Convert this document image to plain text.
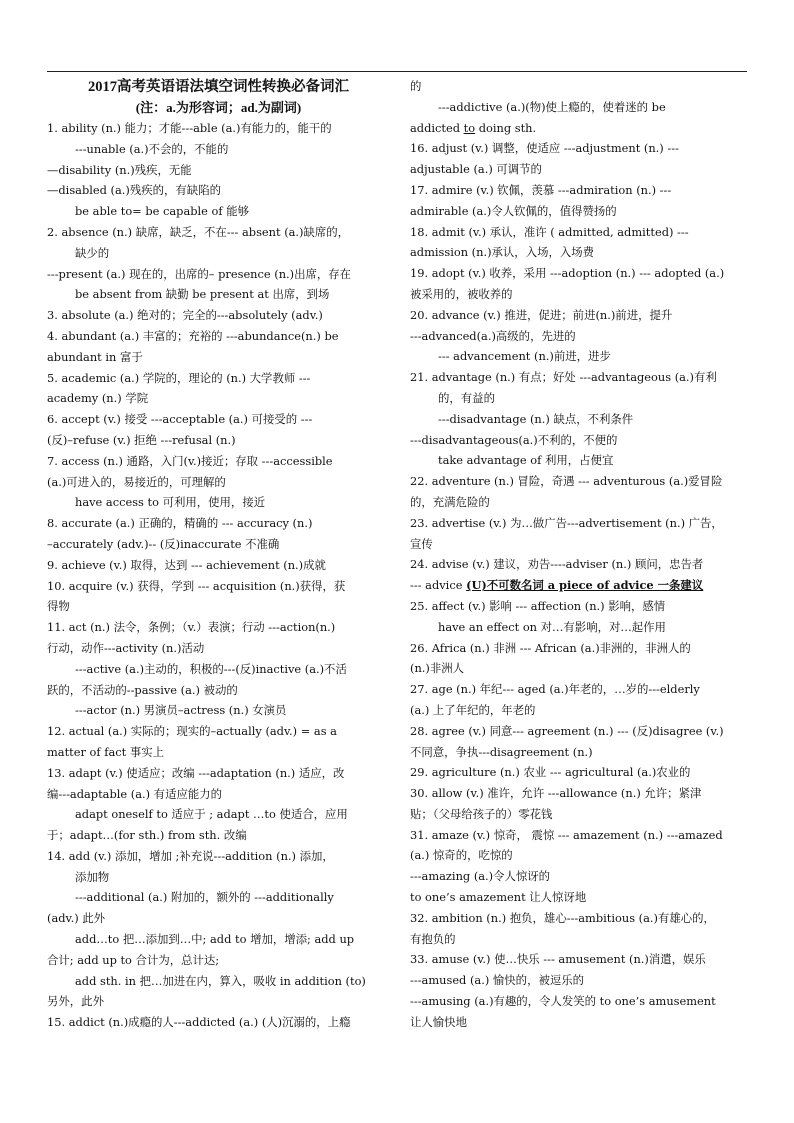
2017高考英语语法填空词性转换必备词汇

(注：a.为形容词；ad.为副词)

1. ability (n.) 能力；才能---able (a.)有能力的，能干的

---unable (a.)不会的，不能的

—disability (n.)残疾，无能

—disabled (a.)残疾的，有缺陷的

be able to= be capable of 能够

2. absence (n.) 缺席，缺乏，不在--- absent (a.)缺席的，

缺少的

---present (a.) 现在的，出席的– presence (n.)出席，存在

be absent from 缺勤 be present at 出席，到场

3. absolute (a.) 绝对的；完全的---absolutely (adv.)

4. abundant (a.) 丰富的；充裕的 ---abundance(n.) be

abundant in 富于

5. academic (a.) 学院的，理论的 (n.) 大学教师 ---

academy (n.) 学院

6. accept (v.) 接受 ---acceptable (a.) 可接受的 ---

(反)–refuse (v.) 拒绝 ---refusal (n.)

7. access (n.) 通路，入门(v.)接近；存取 ---accessible

(a.)可进入的，易接近的，可理解的

have access to 可利用，使用，接近

8. accurate (a.) 正确的，精确的 --- accuracy (n.)

–accurately (adv.)-- (反)inaccurate 不准确

9. achieve (v.) 取得，达到 --- achievement (n.)成就

10. acquire (v.) 获得，学到 --- acquisition (n.)获得，获

得物

11. act (n.) 法令，条例；（v.）表演；行动 ---action(n.)

行动，动作---activity (n.)活动

---active (a.)主动的，积极的---(反)inactive (a.)不活

跃的，不活动的--passive (a.) 被动的

---actor (n.) 男演员–actress (n.) 女演员

12. actual (a.) 实际的；现实的–actually (adv.) = as a

matter of fact 事实上

13. adapt (v.) 使适应；改编 ---adaptation (n.) 适应，改

编---adaptable (a.) 有适应能力的

adapt oneself to 适应于 ; adapt …to 使适合，应用

于；adapt…(for sth.) from sth. 改编

14. add (v.) 添加，增加 ;补充说---addition (n.) 添加，

添加物

---additional (a.) 附加的，额外的 ---additionally

(adv.) 此外

add…to 把…添加到…中; add to 增加，增添; add up

合计; add up to 合计为，总计达;

add sth. in 把…加进在内，算入，吸收 in addition (to)

另外，此外

15. addict (n.)成瘾的人---addicted (a.) (人)沉溺的，上瘾

的

---addictive (a.)(物)使上瘾的，使着迷的 be

addicted to doing sth.

16. adjust (v.) 调整，使适应 ---adjustment (n.) ---

adjustable (a.) 可调节的

17. admire (v.) 钦佩，羡慕 ---admiration (n.) ---

admirable (a.)令人钦佩的，值得赞扬的

18. admit (v.) 承认，准许 ( admitted, admitted) ---

admission (n.)承认，入场，入场费

19. adopt (v.) 收养，采用 ---adoption (n.) --- adopted (a.)

被采用的，被收养的

20. advance (v.) 推进，促进；前进(n.)前进，提升

---advanced(a.)高级的，先进的

--- advancement (n.)前进，进步

21. advantage (n.) 有点；好处 ---advantageous (a.)有利

的，有益的

---disadvantage (n.) 缺点，不利条件

---disadvantageous(a.)不利的，不便的

take advantage of 利用，占便宜

22. adventure (n.) 冒险，奇遇 --- adventurous (a.)爱冒险

的，充满危险的

23. advertise (v.) 为…做广告---advertisement (n.) 广告，

宣传

24. advise (v.) 建议，劝告----adviser (n.) 顾问，忠告者

--- advice (U)不可数名词 a piece of advice 一条建议

25. affect (v.) 影响 --- affection (n.) 影响，感情

have an effect on 对…有影响，对…起作用

26. Africa (n.) 非洲 --- African (a.)非洲的，非洲人的

(n.)非洲人

27. age (n.) 年纪--- aged (a.)年老的，…岁的---elderly

(a.) 上了年纪的，年老的

28. agree (v.) 同意--- agreement (n.) --- (反)disagree (v.)

不同意，争执---disagreement (n.)

29. agriculture (n.) 农业 --- agricultural (a.)农业的

30. allow (v.) 准许，允许 ---allowance (n.) 允许；紧津

贴；（父母给孩子的）零花钱

31. amaze (v.) 惊奇， 震惊 --- amazement (n.) ---amazed

(a.) 惊奇的，吃惊的

---amazing (a.)令人惊讶的

to one’s amazement 让人惊讶地

32. ambition (n.) 抱负，雄心---ambitious (a.)有雄心的，

有抱负的

33. amuse (v.) 使…快乐 --- amusement (n.)消遣，娱乐

---amused (a.) 愉快的，被逗乐的

---amusing (a.)有趣的，令人发笑的 to one’s amusement

让人愉快地
